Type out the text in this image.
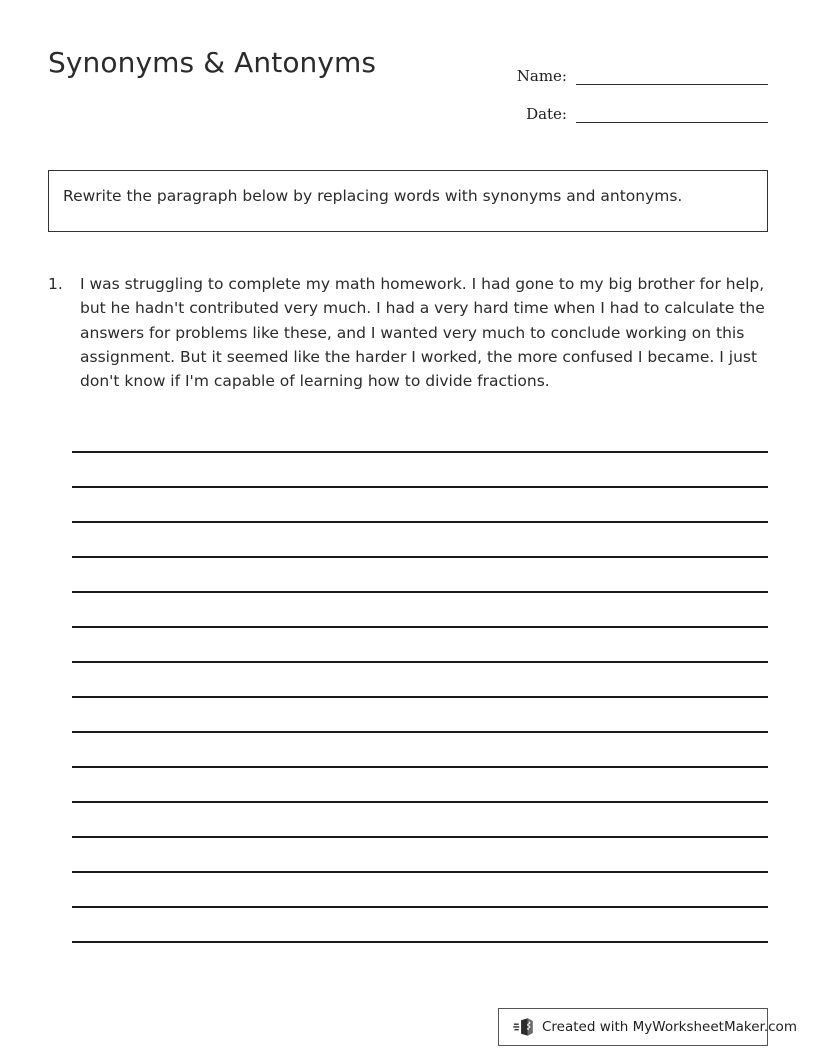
Synonyms & Antonyms	Name:
Date:
Rewrite the paragraph below by replacing words with synonyms and antonyms.
1.	I was struggling to complete my math homework. I had gone to my big brother for help, but he hadn't contributed very much. I had a very hard time when I had to calculate the answers for problems like these, and I wanted very much to conclude working on this assignment. But it seemed like the harder I worked, the more confused I became. I just don't know if I'm capable of learning how to divide fractions.
Created with MyWorksheetMaker.com
